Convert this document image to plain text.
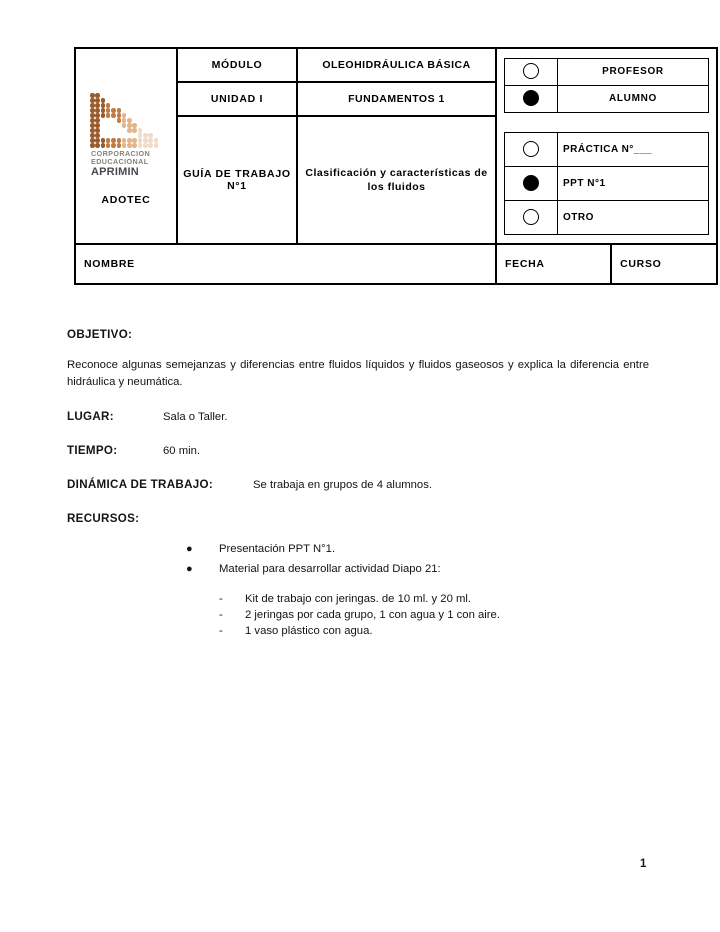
CORPORACION
EDUCACIONAL
APRIMIN
ADOTEC
	MÓDULO	OLEOHIDRÁULICA BÁSICA	
	PROFESOR
	ALUMNO
	PRÁCTICA N°___
	PPT N°1
	OTRO

UNIDAD I	FUNDAMENTOS 1
GUÍA DE TRABAJO N°1	Clasificación y características de los fluidos
NOMBRE		FECHA	CURSO
OBJETIVO:
Reconoce algunas semejanzas y diferencias entre fluidos líquidos y fluidos gaseosos y explica la diferencia entre hidráulica y neumática.
LUGAR:	Sala o Taller.
TIEMPO:	60 min.
DINÁMICA DE TRABAJO:	Se trabaja en grupos de 4 alumnos.
RECURSOS:
● Presentación PPT N°1.
● Material para desarrollar actividad Diapo 21:
- Kit de trabajo con jeringas. de 10 ml. y 20 ml.
- 2 jeringas por cada grupo, 1 con agua y 1 con aire.
- 1 vaso plástico con agua.
1
